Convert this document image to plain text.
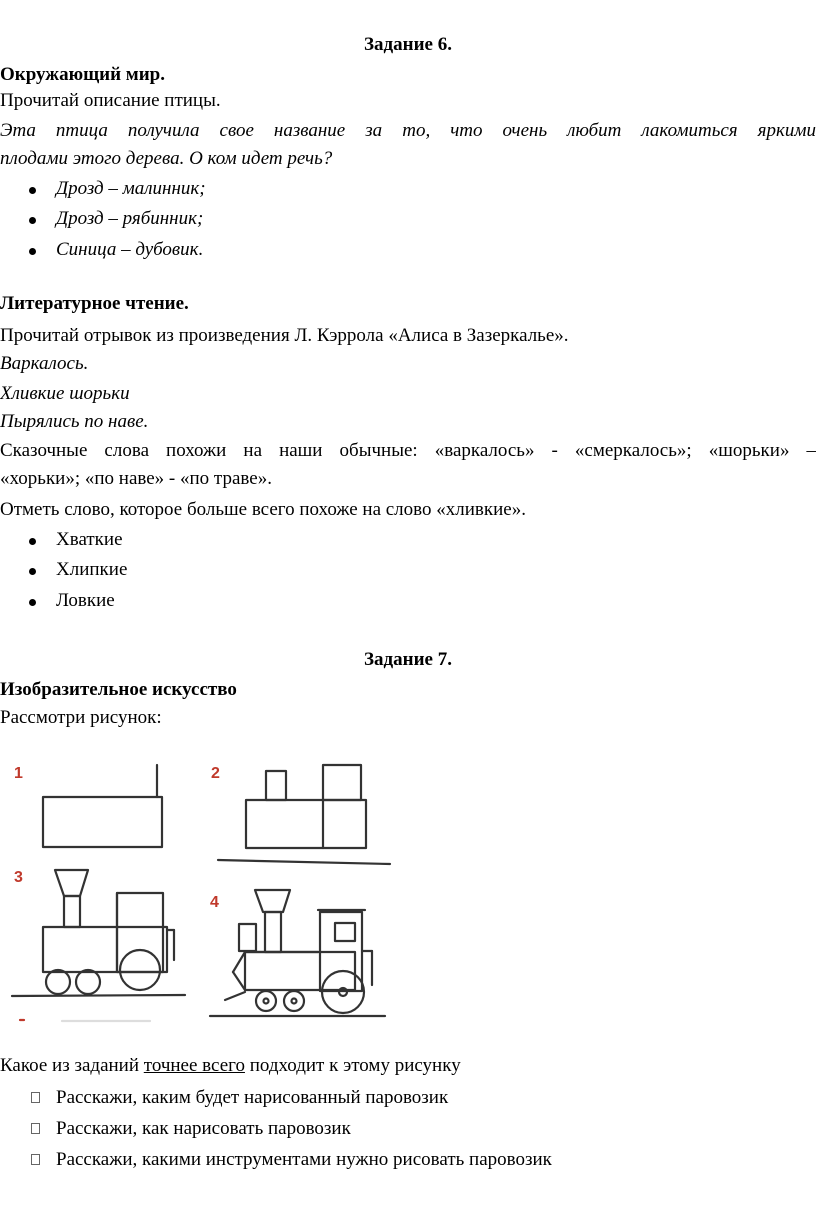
Задание 6.
Окружающий мир.
Прочитай описание птицы.
Эта птица получила свое название за то, что очень любит лакомиться яркими
плодами этого дерева. О ком идет речь?
Дрозд – малинник;
Дрозд – рябинник;
Синица – дубовик.
Литературное чтение.
Прочитай отрывок из произведения Л. Кэррола «Алиса в Зазеркалье».
Варкалось.
Хливкие шорьки
Пырялись по наве.
Сказочные слова похожи на наши обычные: «варкалось» - «смеркалось»; «шорьки» –
«хорьки»; «по наве» - «по траве».
Отметь слово, которое больше всего похоже на слово «хливкие».
Хваткие
Хлипкие
Ловкие
Задание 7.
Изобразительное искусство
Рассмотри рисунок:
1	2
3
4
Какое из заданий точнее всего подходит к этому рисунку
Расскажи, каким будет нарисованный паровозик
Расскажи, как нарисовать паровозик
Расскажи, какими инструментами нужно рисовать паровозик
